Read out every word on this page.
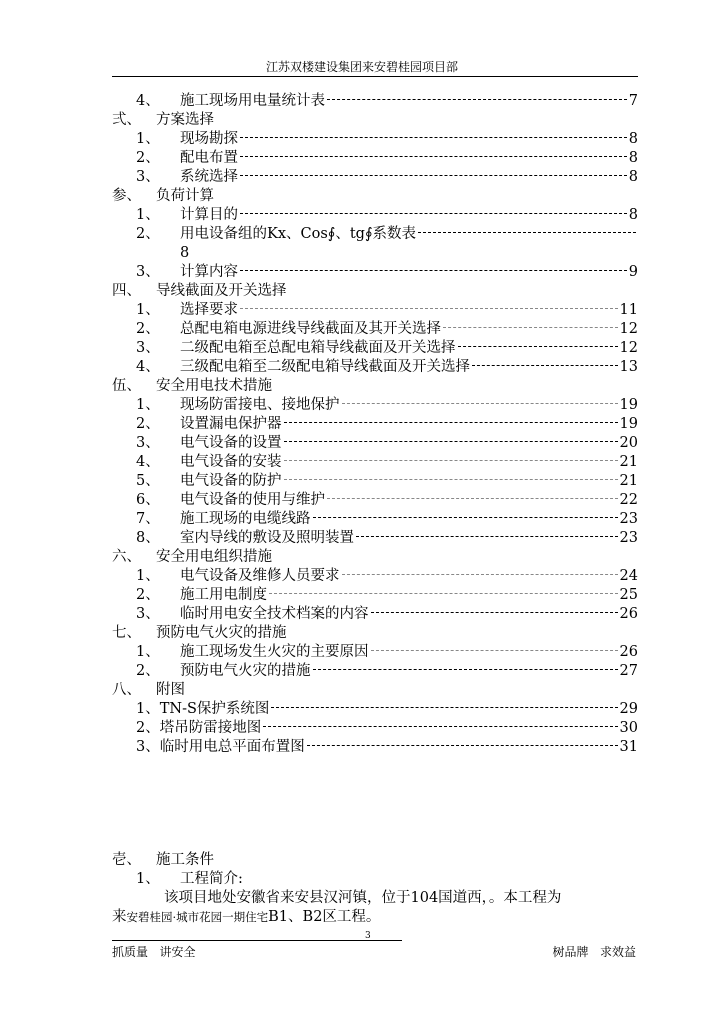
江苏双楼建设集团来安碧桂园项目部
4、	施工现场用电量统计表	7
弍、	方案选择
1、	现场勘探	8
2、	配电布置	8
3、	系统选择	8
参、	负荷计算
1、	计算目的	8
2、	用电设备组的Kx、Cos∮、tg∮系数表
8
3、	计算内容	9
四、	导线截面及开关选择
1、	选择要求	11
2、	总配电箱电源进线导线截面及其开关选择	12
3、	二级配电箱至总配电箱导线截面及开关选择	12
4、	三级配电箱至二级配电箱导线截面及开关选择	13
伍、	安全用电技术措施
1、	现场防雷接电、接地保护	19
2、	设置漏电保护器	19
3、	电气设备的设置	20
4、	电气设备的安装	21
5、	电气设备的防护	21
6、	电气设备的使用与维护	22
7、	施工现场的电缆线路	23
8、	室内导线的敷设及照明装置	23
六、	安全用电组织措施
1、	电气设备及维修人员要求	24
2、	施工用电制度	25
3、	临时用电安全技术档案的内容	26
七、	预防电气火灾的措施
1、	施工现场发生火灾的主要原因	26
2、	预防电气火灾的措施	27
八、	附图
1、 TN-S保护系统图	29
2、 塔吊防雷接地图	30
3、 临时用电总平面布置图	31
壱、	施工条件
1、	工程简介:
该项目地处安徽省来安县汉河镇，位于104国道西，。本工程为
来安碧桂园·城市花园一期住宅B1、B2区工程。
3
抓质量   讲安全	树品牌   求效益
